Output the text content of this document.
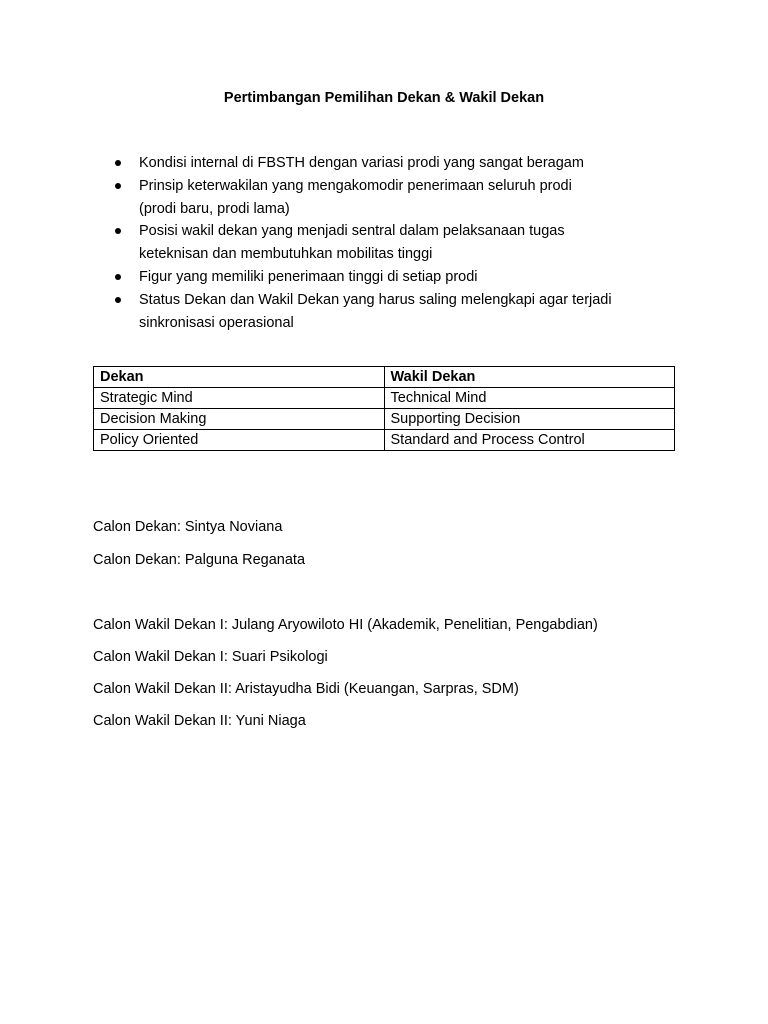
Pertimbangan Pemilihan Dekan & Wakil Dekan
Kondisi internal di FBSTH dengan variasi prodi yang sangat beragam
Prinsip keterwakilan yang mengakomodir penerimaan seluruh prodi
(prodi baru, prodi lama)
Posisi wakil dekan yang menjadi sentral dalam pelaksanaan tugas
keteknisan dan membutuhkan mobilitas tinggi
Figur yang memiliki penerimaan tinggi di setiap prodi
Status Dekan dan Wakil Dekan yang harus saling melengkapi agar terjadi
sinkronisasi operasional
Dekan	Wakil Dekan
Strategic Mind	Technical Mind
Decision Making	Supporting Decision
Policy Oriented	Standard and Process Control

Calon Dekan: Sintya Noviana

Calon Dekan: Palguna Reganata

Calon Wakil Dekan I: Julang Aryowiloto HI (Akademik, Penelitian, Pengabdian)

Calon Wakil Dekan I: Suari Psikologi

Calon Wakil Dekan II: Aristayudha Bidi (Keuangan, Sarpras, SDM)

Calon Wakil Dekan II: Yuni Niaga
